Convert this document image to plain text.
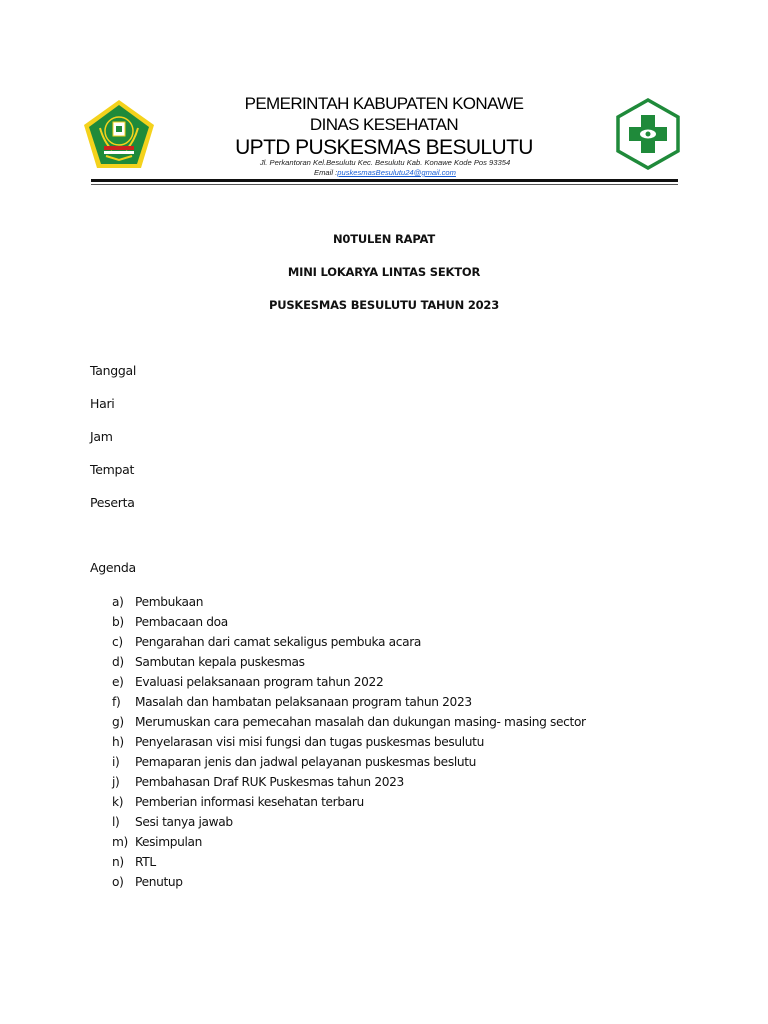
PEMERINTAH KABUPATEN KONAWE
DINAS KESEHATAN
UPTD PUSKESMAS BESULUTU
Jl. Perkantoran Kel.Besulutu Kec. Besulutu Kab. Konawe Kode Pos 93354
Email :puskesmasBesulutu24@gmail.com
N0TULEN RAPAT
MINI LOKARYA LINTAS SEKTOR
PUSKESMAS BESULUTU TAHUN 2023
Tanggal
Hari
Jam
Tempat
Peserta
Agenda
a) Pembukaan
b) Pembacaan doa
c) Pengarahan dari camat sekaligus pembuka acara
d) Sambutan kepala puskesmas
e) Evaluasi pelaksanaan program tahun 2022
f) Masalah dan hambatan pelaksanaan program tahun 2023
g) Merumuskan cara pemecahan masalah dan dukungan masing- masing sector
h) Penyelarasan visi misi fungsi dan tugas puskesmas besulutu
i) Pemaparan jenis dan jadwal pelayanan puskesmas beslutu
j) Pembahasan Draf RUK Puskesmas tahun 2023
k) Pemberian informasi kesehatan terbaru
l) Sesi tanya jawab
m) Kesimpulan
n) RTL
o) Penutup
